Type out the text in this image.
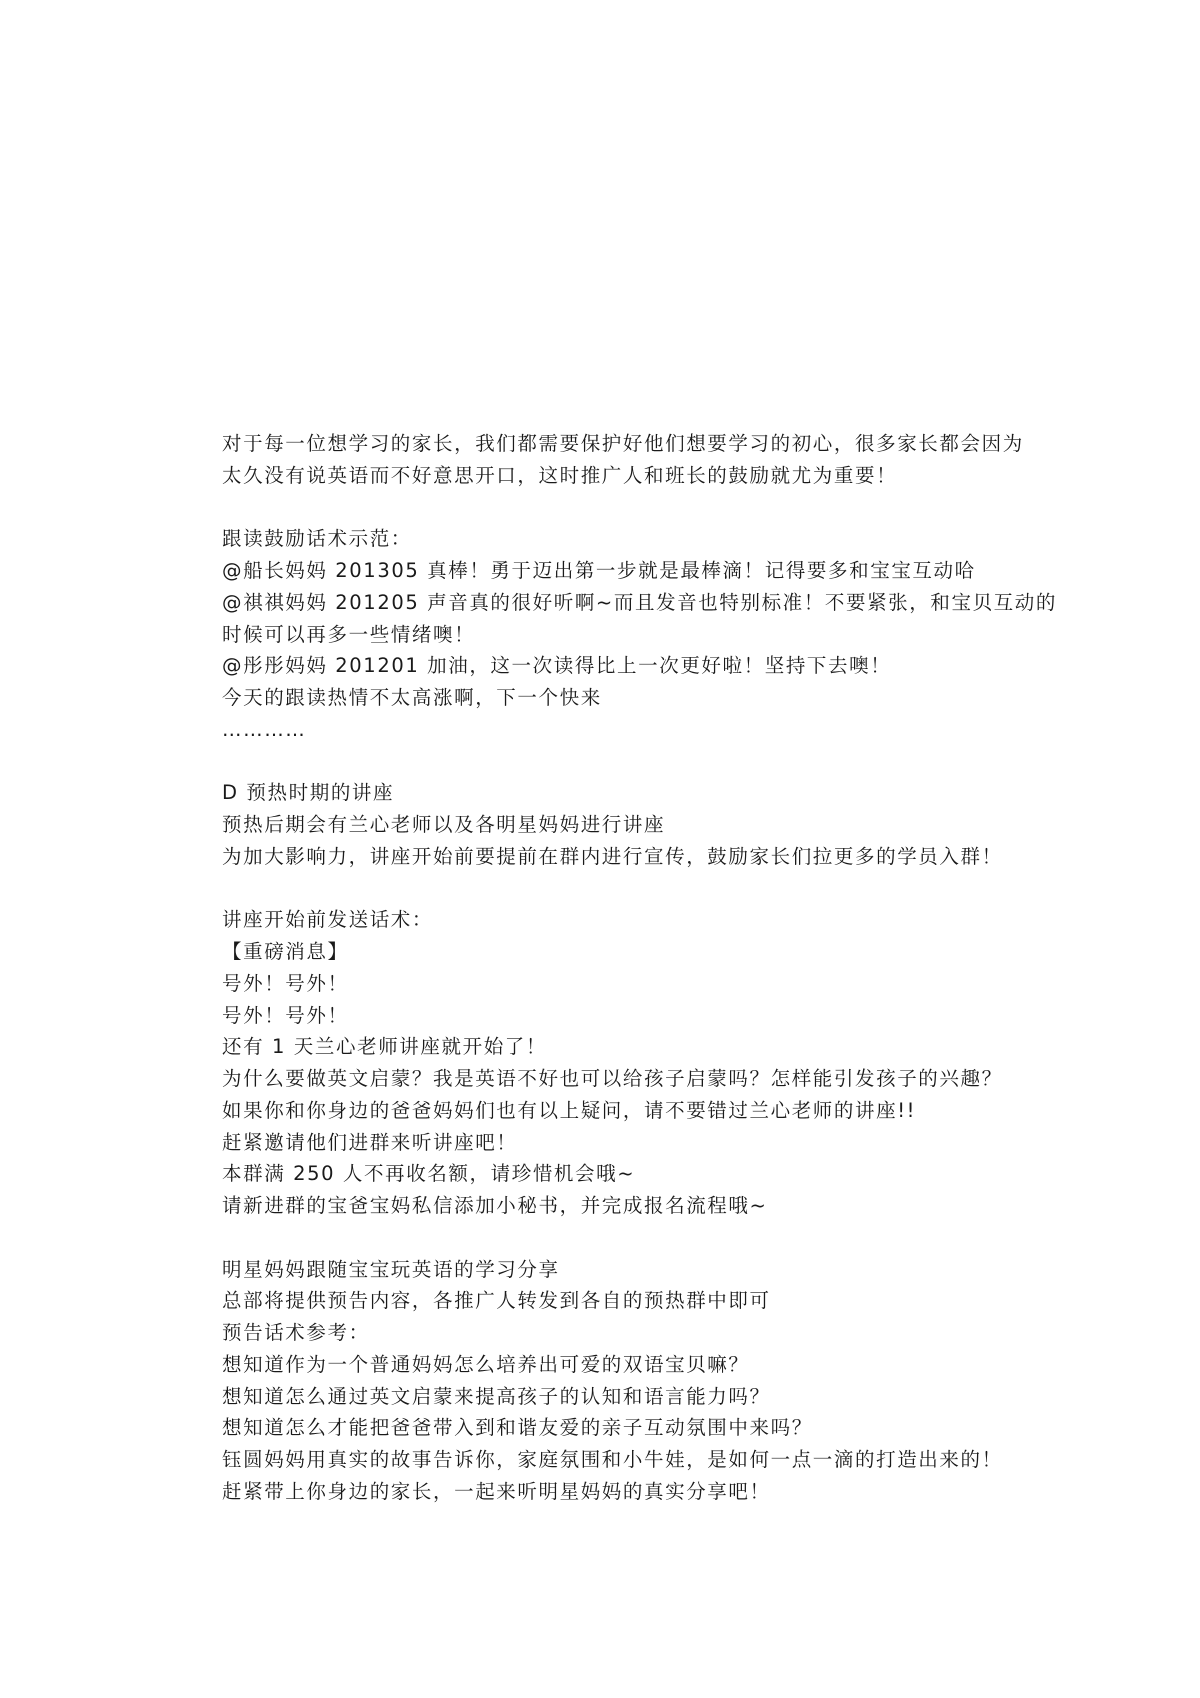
对于每一位想学习的家长，我们都需要保护好他们想要学习的初心，很多家长都会因为
太久没有说英语而不好意思开口，这时推广人和班长的鼓励就尤为重要！
跟读鼓励话术示范：
@船长妈妈 201305 真棒！勇于迈出第一步就是最棒滴！记得要多和宝宝互动哈
@祺祺妈妈 201205 声音真的很好听啊~而且发音也特别标准！不要紧张，和宝贝互动的
时候可以再多一些情绪噢！
@彤彤妈妈 201201 加油，这一次读得比上一次更好啦！坚持下去噢！
今天的跟读热情不太高涨啊，下一个快来
…………
D 预热时期的讲座
预热后期会有兰心老师以及各明星妈妈进行讲座
为加大影响力，讲座开始前要提前在群内进行宣传，鼓励家长们拉更多的学员入群！
讲座开始前发送话术：
【重磅消息】
号外！号外！
号外！号外！
还有 1 天兰心老师讲座就开始了！
为什么要做英文启蒙？我是英语不好也可以给孩子启蒙吗？怎样能引发孩子的兴趣？
如果你和你身边的爸爸妈妈们也有以上疑问，请不要错过兰心老师的讲座!!
赶紧邀请他们进群来听讲座吧！
本群满 250 人不再收名额，请珍惜机会哦~
请新进群的宝爸宝妈私信添加小秘书，并完成报名流程哦~
明星妈妈跟随宝宝玩英语的学习分享
总部将提供预告内容，各推广人转发到各自的预热群中即可
预告话术参考：
想知道作为一个普通妈妈怎么培养出可爱的双语宝贝嘛？
想知道怎么通过英文启蒙来提高孩子的认知和语言能力吗？
想知道怎么才能把爸爸带入到和谐友爱的亲子互动氛围中来吗？
钰圆妈妈用真实的故事告诉你，家庭氛围和小牛娃，是如何一点一滴的打造出来的！
赶紧带上你身边的家长，一起来听明星妈妈的真实分享吧！
